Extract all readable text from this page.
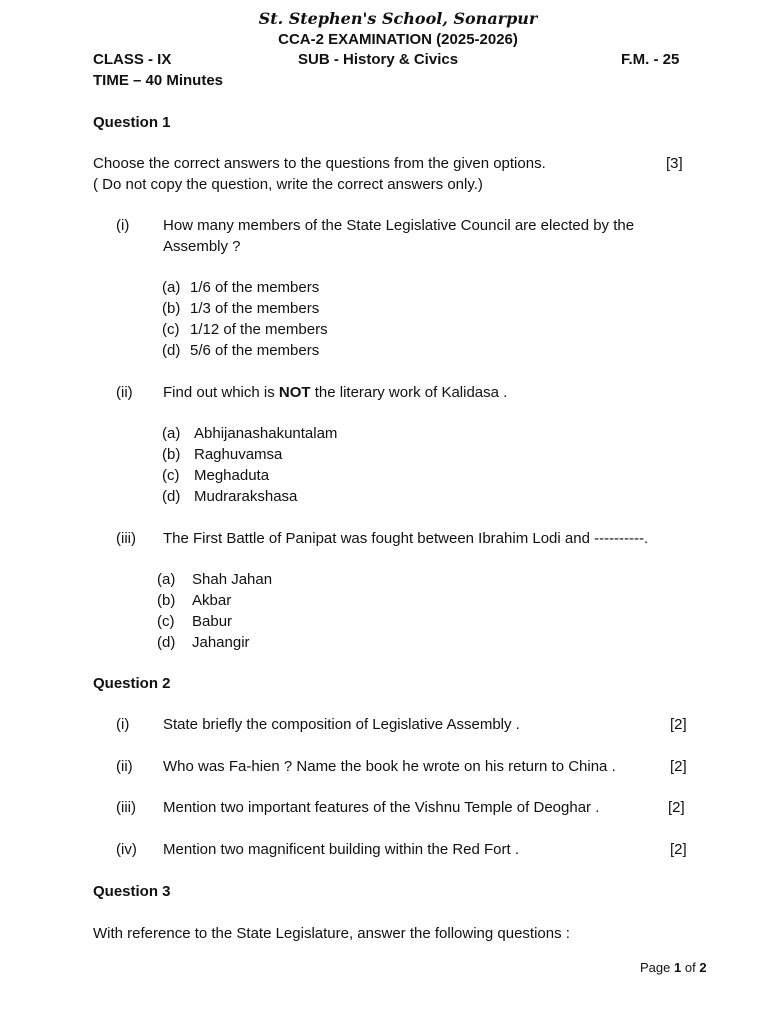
St. Stephen's School, Sonarpur
CCA-2 EXAMINATION (2025-2026)
CLASS - IX	SUB - History & Civics	F.M. - 25
TIME – 40 Minutes
Question 1
Choose the correct answers to the questions from the given options.	[3]
( Do not copy the question, write the correct answers only.)
(i) How many members of the State Legislative Council are elected by the
Assembly ?
(a) 1/6 of the members
(b) 1/3 of the members
(c) 1/12 of the members
(d) 5/6 of the members
(ii) Find out which is NOT the literary work of Kalidasa .
(a) Abhijanashakuntalam
(b) Raghuvamsa
(c) Meghaduta
(d) Mudrarakshasa
(iii) The First Battle of Panipat was fought between Ibrahim Lodi and ----------.
(a) Shah Jahan
(b) Akbar
(c) Babur
(d) Jahangir
Question 2
(i) State briefly the composition of Legislative Assembly .	[2]
(ii) Who was Fa-hien ? Name the book he wrote on his return to China .	[2]
(iii) Mention two important features of the Vishnu Temple of Deoghar .	[2]
(iv) Mention two magnificent building within the Red Fort .	[2]
Question 3
With reference to the State Legislature, answer the following questions :
Page 1 of 2
